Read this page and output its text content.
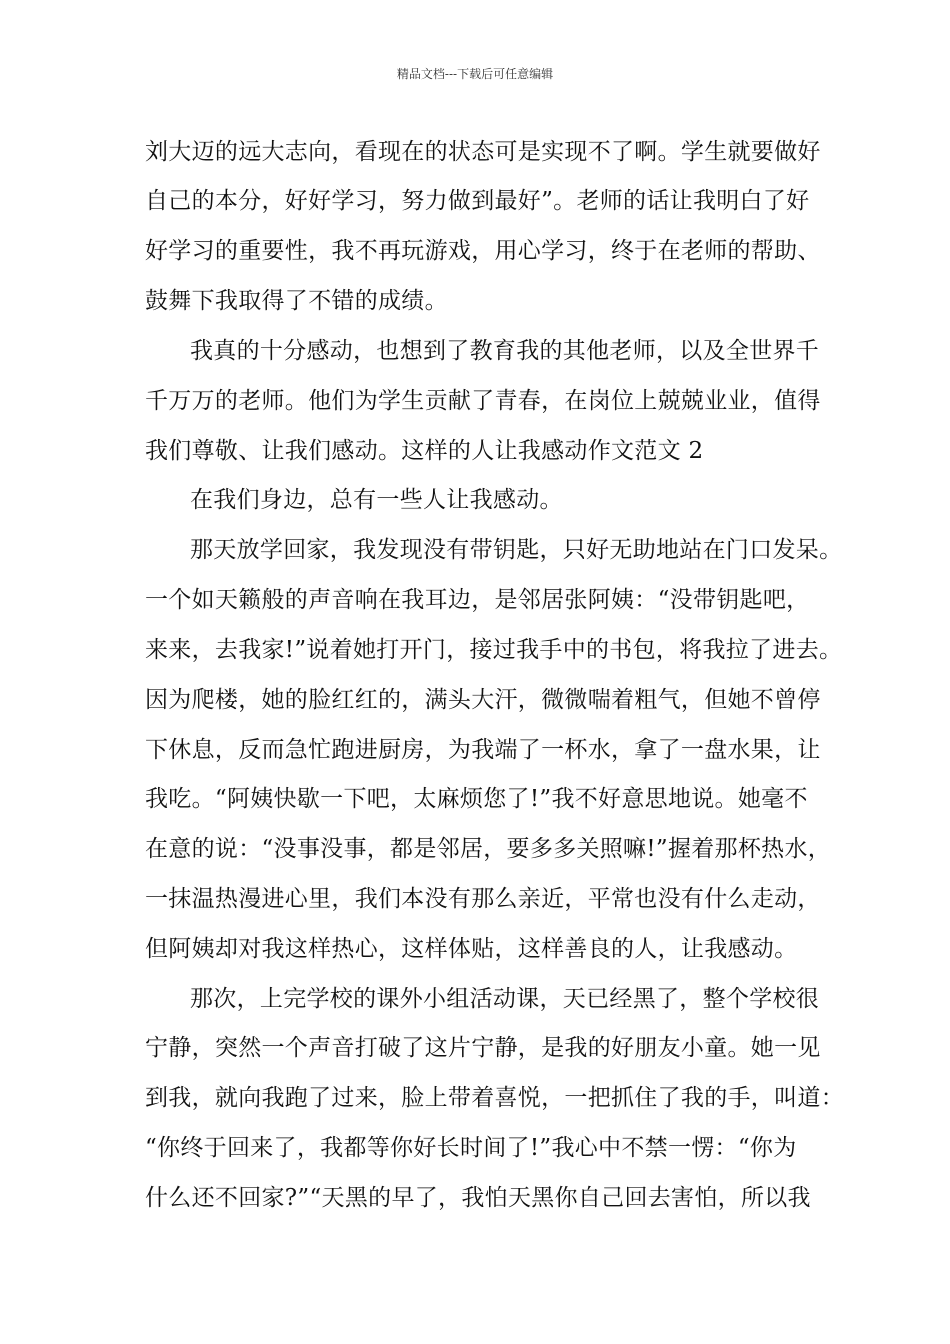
精品文档---下载后可任意编辑
刘大迈的远大志向，看现在的状态可是实现不了啊。学生就要做好
自己的本分，好好学习，努力做到最好”。老师的话让我明白了好
好学习的重要性，我不再玩游戏，用心学习，终于在老师的帮助、
鼓舞下我取得了不错的成绩。
我真的十分感动，也想到了教育我的其他老师，以及全世界千
千万万的老师。他们为学生贡献了青春，在岗位上兢兢业业，值得
我们尊敬、让我们感动。这样的人让我感动作文范文 2
在我们身边，总有一些人让我感动。
那天放学回家，我发现没有带钥匙，只好无助地站在门口发呆。
一个如天籁般的声音响在我耳边，是邻居张阿姨：“没带钥匙吧，
来来，去我家!”说着她打开门，接过我手中的书包，将我拉了进去。
因为爬楼，她的脸红红的，满头大汗，微微喘着粗气，但她不曾停
下休息，反而急忙跑进厨房，为我端了一杯水，拿了一盘水果，让
我吃。“阿姨快歇一下吧，太麻烦您了!”我不好意思地说。她毫不
在意的说：“没事没事，都是邻居，要多多关照嘛!”握着那杯热水，
一抹温热漫进心里，我们本没有那么亲近，平常也没有什么走动，
但阿姨却对我这样热心，这样体贴，这样善良的人，让我感动。
那次，上完学校的课外小组活动课，天已经黑了，整个学校很
宁静，突然一个声音打破了这片宁静，是我的好朋友小童。她一见
到我，就向我跑了过来，脸上带着喜悦，一把抓住了我的手，叫道：
“你终于回来了，我都等你好长时间了!”我心中不禁一愣：“你为
什么还不回家?”“天黑的早了，我怕天黑你自己回去害怕，所以我
